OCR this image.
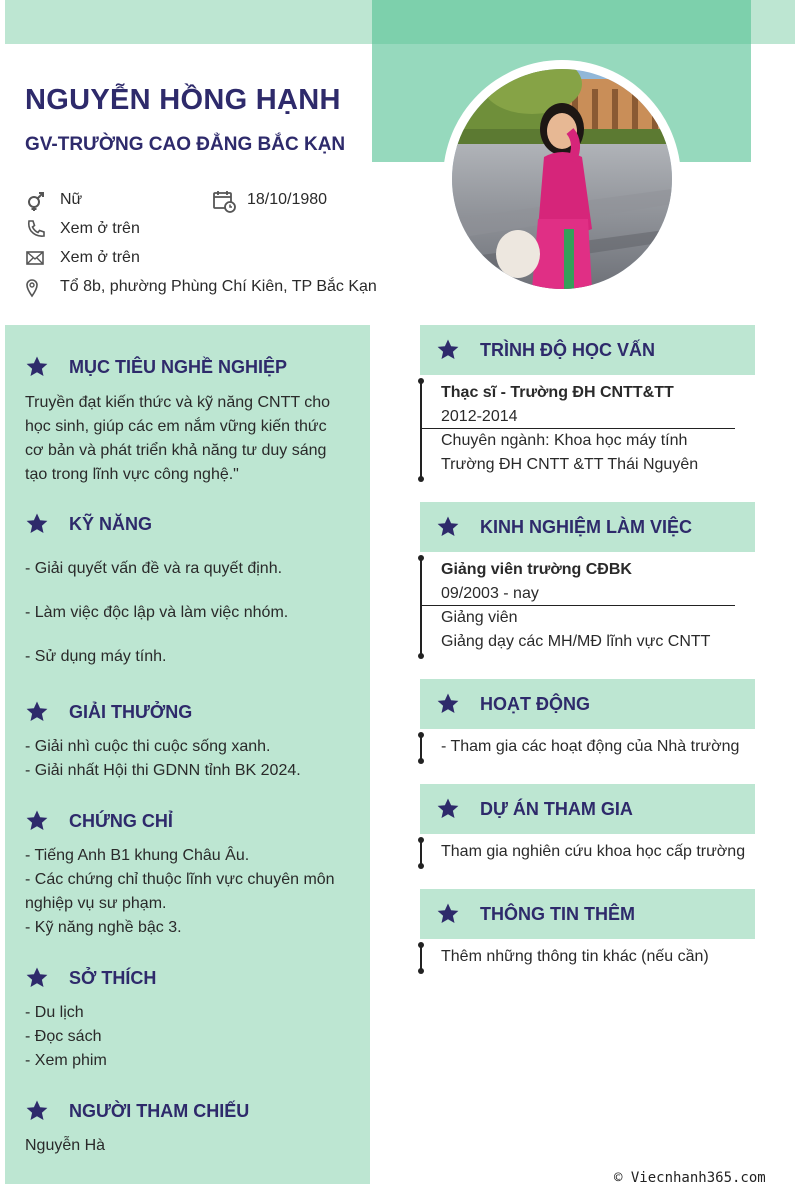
NGUYỄN HỒNG HẠNH
GV-TRƯỜNG CAO ĐẲNG BẮC KẠN
Nữ	18/10/1980
Xem ở trên
Xem ở trên
Tổ 8b, phường Phùng Chí Kiên, TP Bắc Kạn
MỤC TIÊU NGHỀ NGHIỆP
Truyền đạt kiến thức và kỹ năng CNTT cho
học sinh, giúp các em nắm vững kiến thức
cơ bản và phát triển khả năng tư duy sáng
tạo trong lĩnh vực công nghệ."
KỸ NĂNG
- Giải quyết vấn đề và ra quyết định.
- Làm việc độc lập và làm việc nhóm.
- Sử dụng máy tính.
GIẢI THƯỞNG
- Giải nhì cuộc thi cuộc sống xanh.
- Giải nhất Hội thi GDNN tỉnh BK 2024.
CHỨNG CHỈ
- Tiếng Anh B1 khung Châu Âu.
- Các chứng chỉ thuộc lĩnh vực chuyên môn
nghiệp vụ sư phạm.
- Kỹ năng nghề bậc 3.
SỞ THÍCH
- Du lịch
- Đọc sách
- Xem phim
NGƯỜI THAM CHIẾU
Nguyễn Hà
TRÌNH ĐỘ HỌC VẤN
Thạc sĩ - Trường ĐH CNTT&TT
2012-2014
Chuyên ngành: Khoa học máy tính
Trường ĐH CNTT &TT Thái Nguyên
KINH NGHIỆM LÀM VIỆC
Giảng viên trường CĐBK
09/2003 - nay
Giảng viên
Giảng dạy các MH/MĐ lĩnh vực CNTT
HOẠT ĐỘNG
- Tham gia các hoạt động của Nhà trường
DỰ ÁN THAM GIA
Tham gia nghiên cứu khoa học cấp trường
THÔNG TIN THÊM
Thêm những thông tin khác (nếu cần)
© Viecnhanh365.com
